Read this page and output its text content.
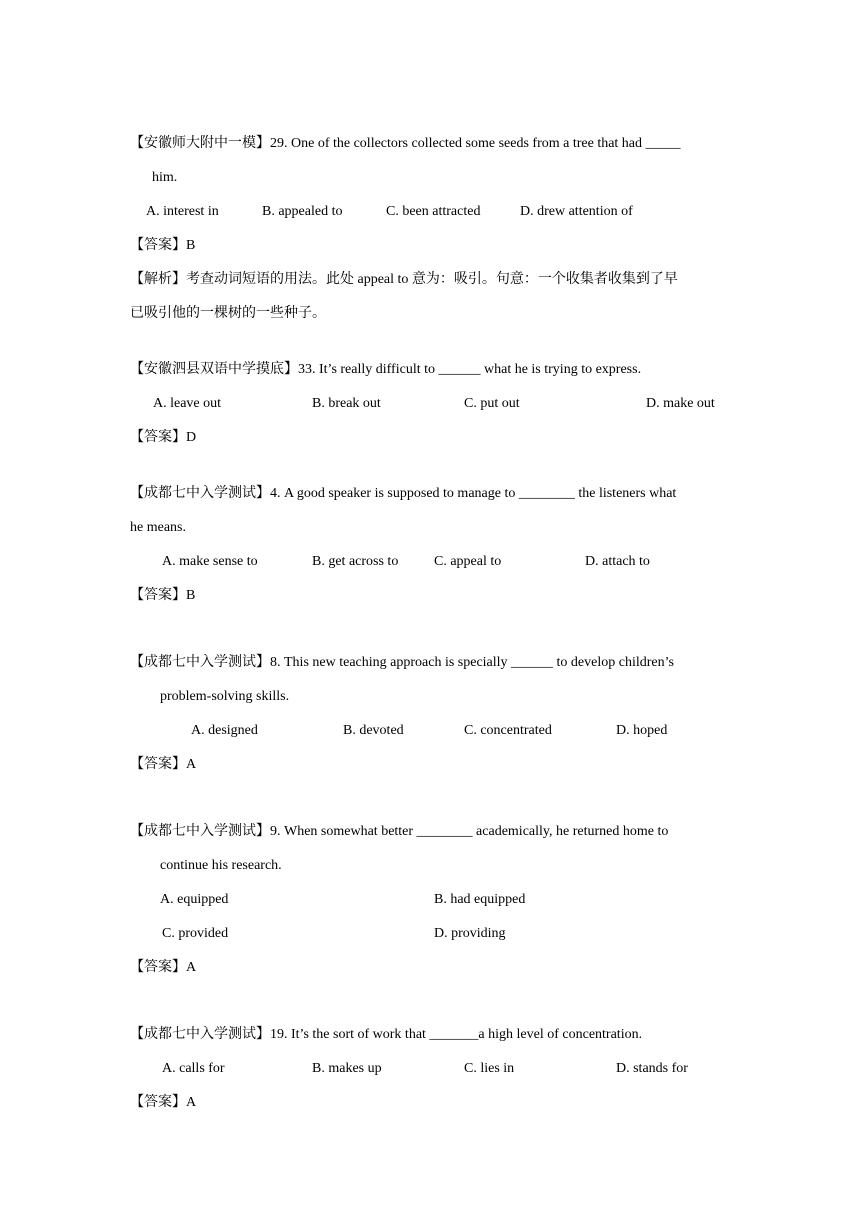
【安徽师大附中一模】29. One of the collectors collected some seeds from a tree that had _____
him.
A. interest in	B. appealed to	C. been attracted	D. drew attention of
【答案】B
【解析】考查动词短语的用法。此处 appeal to 意为：吸引。句意：一个收集者收集到了早
已吸引他的一棵树的一些种子。
【安徽泗县双语中学摸底】33. It’s really difficult to ______ what he is trying to express.
A. leave out	B. break out	C. put out	D. make out
【答案】D
【成都七中入学测试】4. A good speaker is supposed to manage to ________ the listeners what
he means.
A. make sense to	B. get across to	C. appeal to	D. attach to
【答案】B
【成都七中入学测试】8. This new teaching approach is specially ______ to develop children’s
problem-solving skills.
A. designed	B. devoted	C. concentrated	D. hoped
【答案】A
【成都七中入学测试】9. When somewhat better ________ academically, he returned home to
continue his research.
A. equipped	B. had equipped
C. provided	D. providing
【答案】A
【成都七中入学测试】19. It’s the sort of work that _______a high level of concentration.
A. calls for	B. makes up	C. lies in	D. stands for
【答案】A
